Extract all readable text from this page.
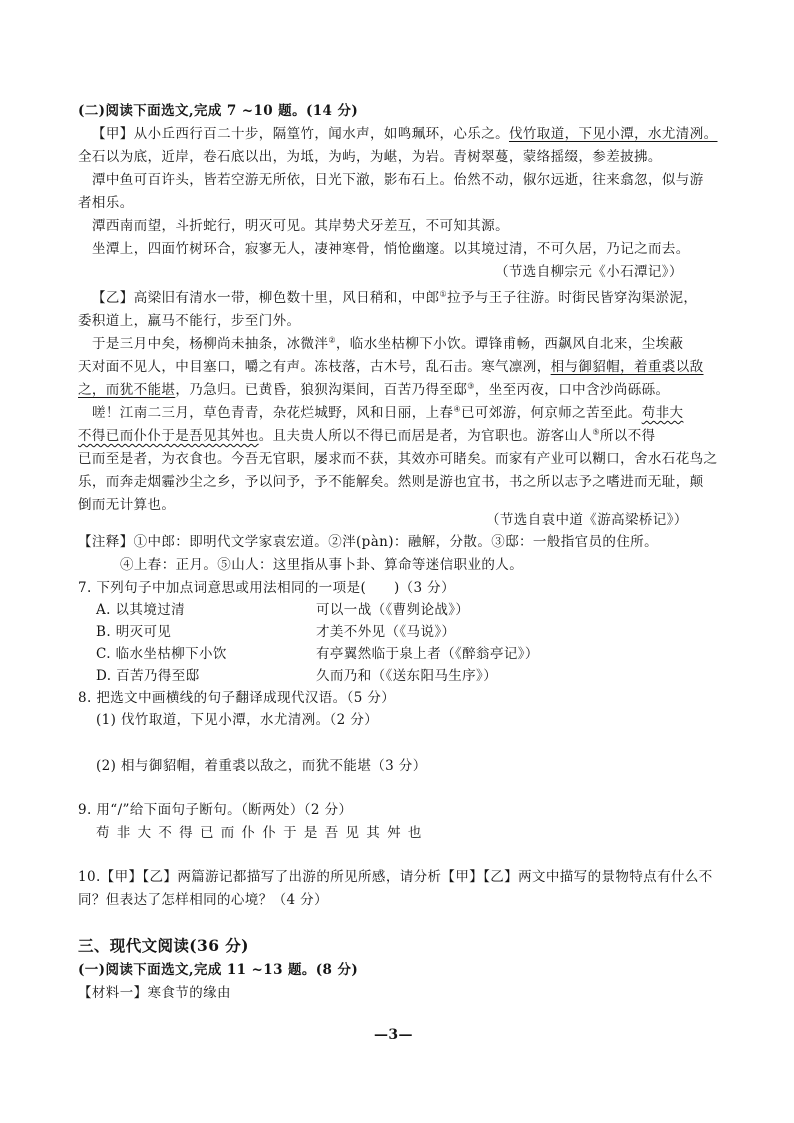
(二)阅读下面选文,完成 7 ~10 题。(14 分)

【甲】从小丘西行百二十步，隔篁竹，闻水声，如鸣珮环，心乐之。伐竹取道，下见小潭，水尤清冽。

全石以为底，近岸，卷石底以出，为坻，为屿，为嵁，为岩。青树翠蔓，蒙络摇缀，参差披拂。

潭中鱼可百许头，皆若空游无所依，日光下澈，影布石上。佁然不动，俶尔远逝，往来翕忽，似与游

者相乐。

潭西南而望，斗折蛇行，明灭可见。其岸势犬牙差互，不可知其源。

坐潭上，四面竹树环合，寂寥无人，凄神寒骨，悄怆幽邃。以其境过清，不可久居，乃记之而去。

（节选自柳宗元《小石潭记》）

【乙】高梁旧有清水一带，柳色数十里，风日稍和，中郎①拉予与王子往游。时街民皆穿沟渠淤泥，

委积道上，羸马不能行，步至门外。

于是三月中矣，杨柳尚未抽条，冰微泮②，临水坐枯柳下小饮。谭锋甫畅，西飙风自北来，尘埃蔽

天对面不见人，中目塞口，嚼之有声。冻枝落，古木号，乱石击。寒气凛冽，相与御貂帽，着重裘以敌

之，而犹不能堪，乃急归。已黄昏，狼狈沟渠间，百苦乃得至邸③，坐至丙夜，口中含沙尚砾砾。

嗟！江南二三月，草色青青，杂花烂城野，风和日丽，上春④已可郊游，何京师之苦至此。苟非大

不得已而仆仆于是吾见其舛也。且夫贵人所以不得已而居是者，为官职也。游客山人⑤所以不得

已而至是者，为衣食也。今吾无官职，屡求而不获，其效亦可睹矣。而家有产业可以糊口，舍水石花鸟之

乐，而奔走烟霾沙尘之乡，予以问予，予不能解矣。然则是游也宜书，书之所以志予之嗜进而无耻，颠

倒而无计算也。

（节选自袁中道《游高梁桥记》）

【注释】①中郎：即明代文学家袁宏道。②泮(pàn)：融解，分散。③邸：一般指官员的住所。

④上春：正月。⑤山人：这里指从事卜卦、算命等迷信职业的人。

7. 下列句子中加点词意思或用法相同的一项是(　　)（3 分）

A. 以其境过清	可以一战（《曹刿论战》）

B. 明灭可见	才美不外见（《马说》）

C. 临水坐枯柳下小饮	有亭翼然临于泉上者（《醉翁亭记》）

D. 百苦乃得至邸	久而乃和（《送东阳马生序》）

8. 把选文中画横线的句子翻译成现代汉语。（5 分）

(1) 伐竹取道，下见小潭，水尤清冽。（2 分）

(2) 相与御貂帽，着重裘以敌之，而犹不能堪（3 分）

9. 用“/”给下面句子断句。（断两处）（2 分）

苟 非 大 不 得 已 而 仆 仆 于 是 吾 见 其 舛 也

10.【甲】【乙】两篇游记都描写了出游的所见所感，请分析【甲】【乙】两文中描写的景物特点有什么不

同？但表达了怎样相同的心境？（4 分）

三、现代文阅读(36 分)

(一)阅读下面选文,完成 11 ~13 题。(8 分)

【材料一】寒食节的缘由

—3—
